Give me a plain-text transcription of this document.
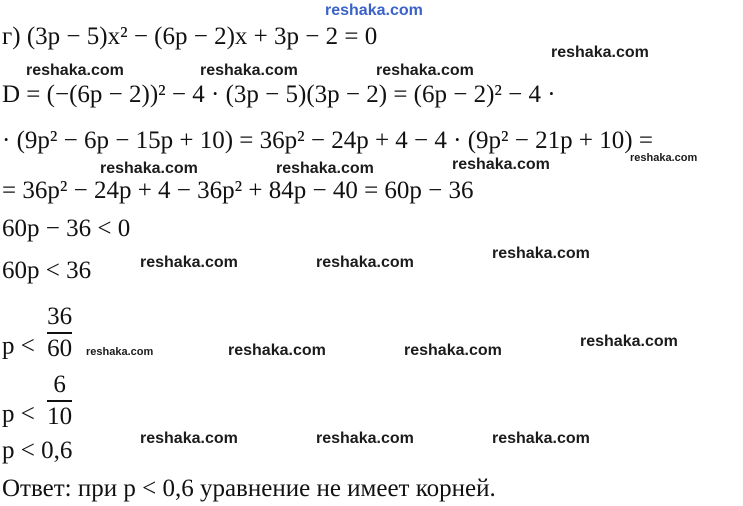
reshaka.com
г) (3p − 5)x² − (6p − 2)x + 3p − 2 = 0
D = (−(6p − 2))² − 4 · (3p − 5)(3p − 2) = (6p − 2)² − 4 ·
· (9p² − 6p − 15p + 10) = 36p² − 24p + 4 − 4 · (9p² − 21p + 10) =
= 36p² − 24p + 4 − 36p² + 84p − 40 = 60p − 36
60p − 36 < 0
60p < 36
$p < \frac{36}{60}$
$p < \frac{6}{10}$
p < 0,6
Ответ: при p < 0,6 уравнение не имеет корней.
reshaka.com
reshaka.com	reshaka.com	reshaka.com
reshaka.com	reshaka.com	reshaka.com	reshaka.com
reshaka.com	reshaka.com
reshaka.com
reshaka.com	reshaka.com	reshaka.com
reshaka.com
reshaka.com	reshaka.com	reshaka.com
